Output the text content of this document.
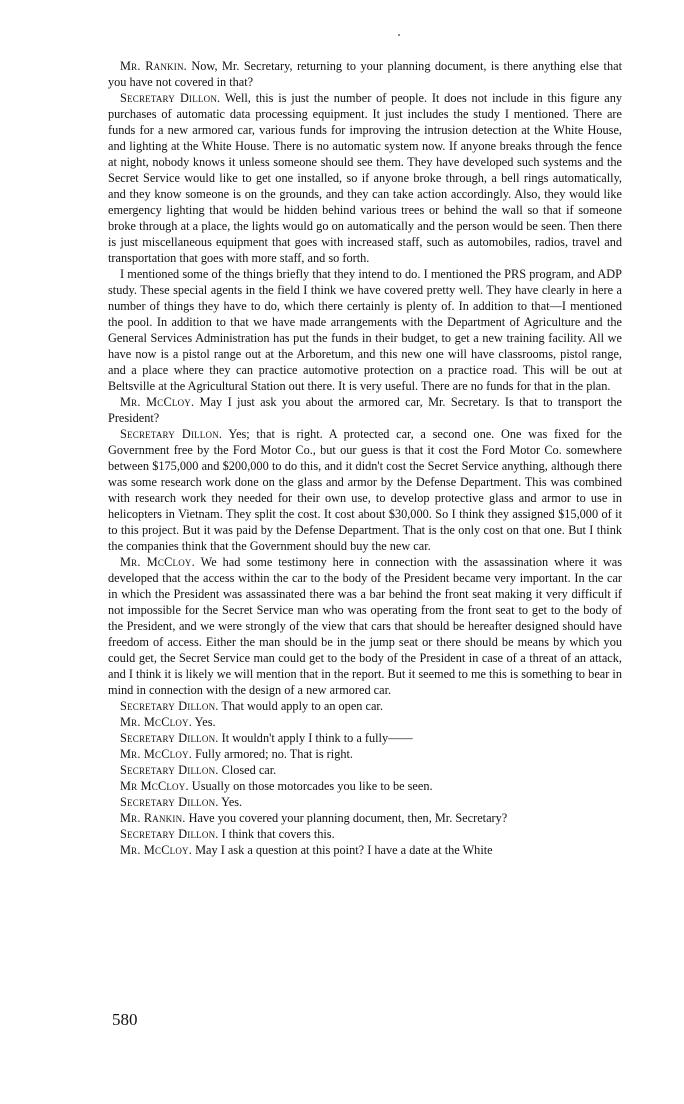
Mr. Rankin. Now, Mr. Secretary, returning to your planning document, is there anything else that you have not covered in that?

Secretary Dillon. Well, this is just the number of people. It does not include in this figure any purchases of automatic data processing equipment. It just includes the study I mentioned. There are funds for a new armored car, various funds for improving the intrusion detection at the White House, and lighting at the White House. There is no automatic system now. If anyone breaks through the fence at night, nobody knows it unless someone should see them. They have developed such systems and the Secret Service would like to get one installed, so if anyone broke through, a bell rings automatically, and they know someone is on the grounds, and they can take action accordingly. Also, they would like emergency lighting that would be hidden behind various trees or behind the wall so that if someone broke through at a place, the lights would go on automatically and the person would be seen. Then there is just miscellaneous equipment that goes with increased staff, such as automobiles, radios, travel and transportation that goes with more staff, and so forth.

I mentioned some of the things briefly that they intend to do. I mentioned the PRS program, and ADP study. These special agents in the field I think we have covered pretty well. They have clearly in here a number of things they have to do, which there certainly is plenty of. In addition to that—I mentioned the pool. In addition to that we have made arrangements with the Department of Agriculture and the General Services Administration has put the funds in their budget, to get a new training facility. All we have now is a pistol range out at the Arboretum, and this new one will have classrooms, pistol range, and a place where they can practice automotive protection on a practice road. This will be out at Beltsville at the Agricultural Station out there. It is very useful. There are no funds for that in the plan.

Mr. McCloy. May I just ask you about the armored car, Mr. Secretary. Is that to transport the President?

Secretary Dillon. Yes; that is right. A protected car, a second one. One was fixed for the Government free by the Ford Motor Co., but our guess is that it cost the Ford Motor Co. somewhere between $175,000 and $200,000 to do this, and it didn't cost the Secret Service anything, although there was some research work done on the glass and armor by the Defense Department. This was combined with research work they needed for their own use, to develop protective glass and armor to use in helicopters in Vietnam. They split the cost. It cost about $30,000. So I think they assigned $15,000 of it to this project. But it was paid by the Defense Department. That is the only cost on that one. But I think the companies think that the Government should buy the new car.

Mr. McCloy. We had some testimony here in connection with the assassination where it was developed that the access within the car to the body of the President became very important. In the car in which the President was assassinated there was a bar behind the front seat making it very difficult if not impossible for the Secret Service man who was operating from the front seat to get to the body of the President, and we were strongly of the view that cars that should be hereafter designed should have freedom of access. Either the man should be in the jump seat or there should be means by which you could get, the Secret Service man could get to the body of the President in case of a threat of an attack, and I think it is likely we will mention that in the report. But it seemed to me this is something to bear in mind in connection with the design of a new armored car.

Secretary Dillon. That would apply to an open car.

Mr. McCloy. Yes.

Secretary Dillon. It wouldn't apply I think to a fully——

Mr. McCloy. Fully armored; no. That is right.

Secretary Dillon. Closed car.

Mr McCloy. Usually on those motorcades you like to be seen.

Secretary Dillon. Yes.

Mr. Rankin. Have you covered your planning document, then, Mr. Secretary?

Secretary Dillon. I think that covers this.

Mr. McCloy. May I ask a question at this point? I have a date at the White

580
